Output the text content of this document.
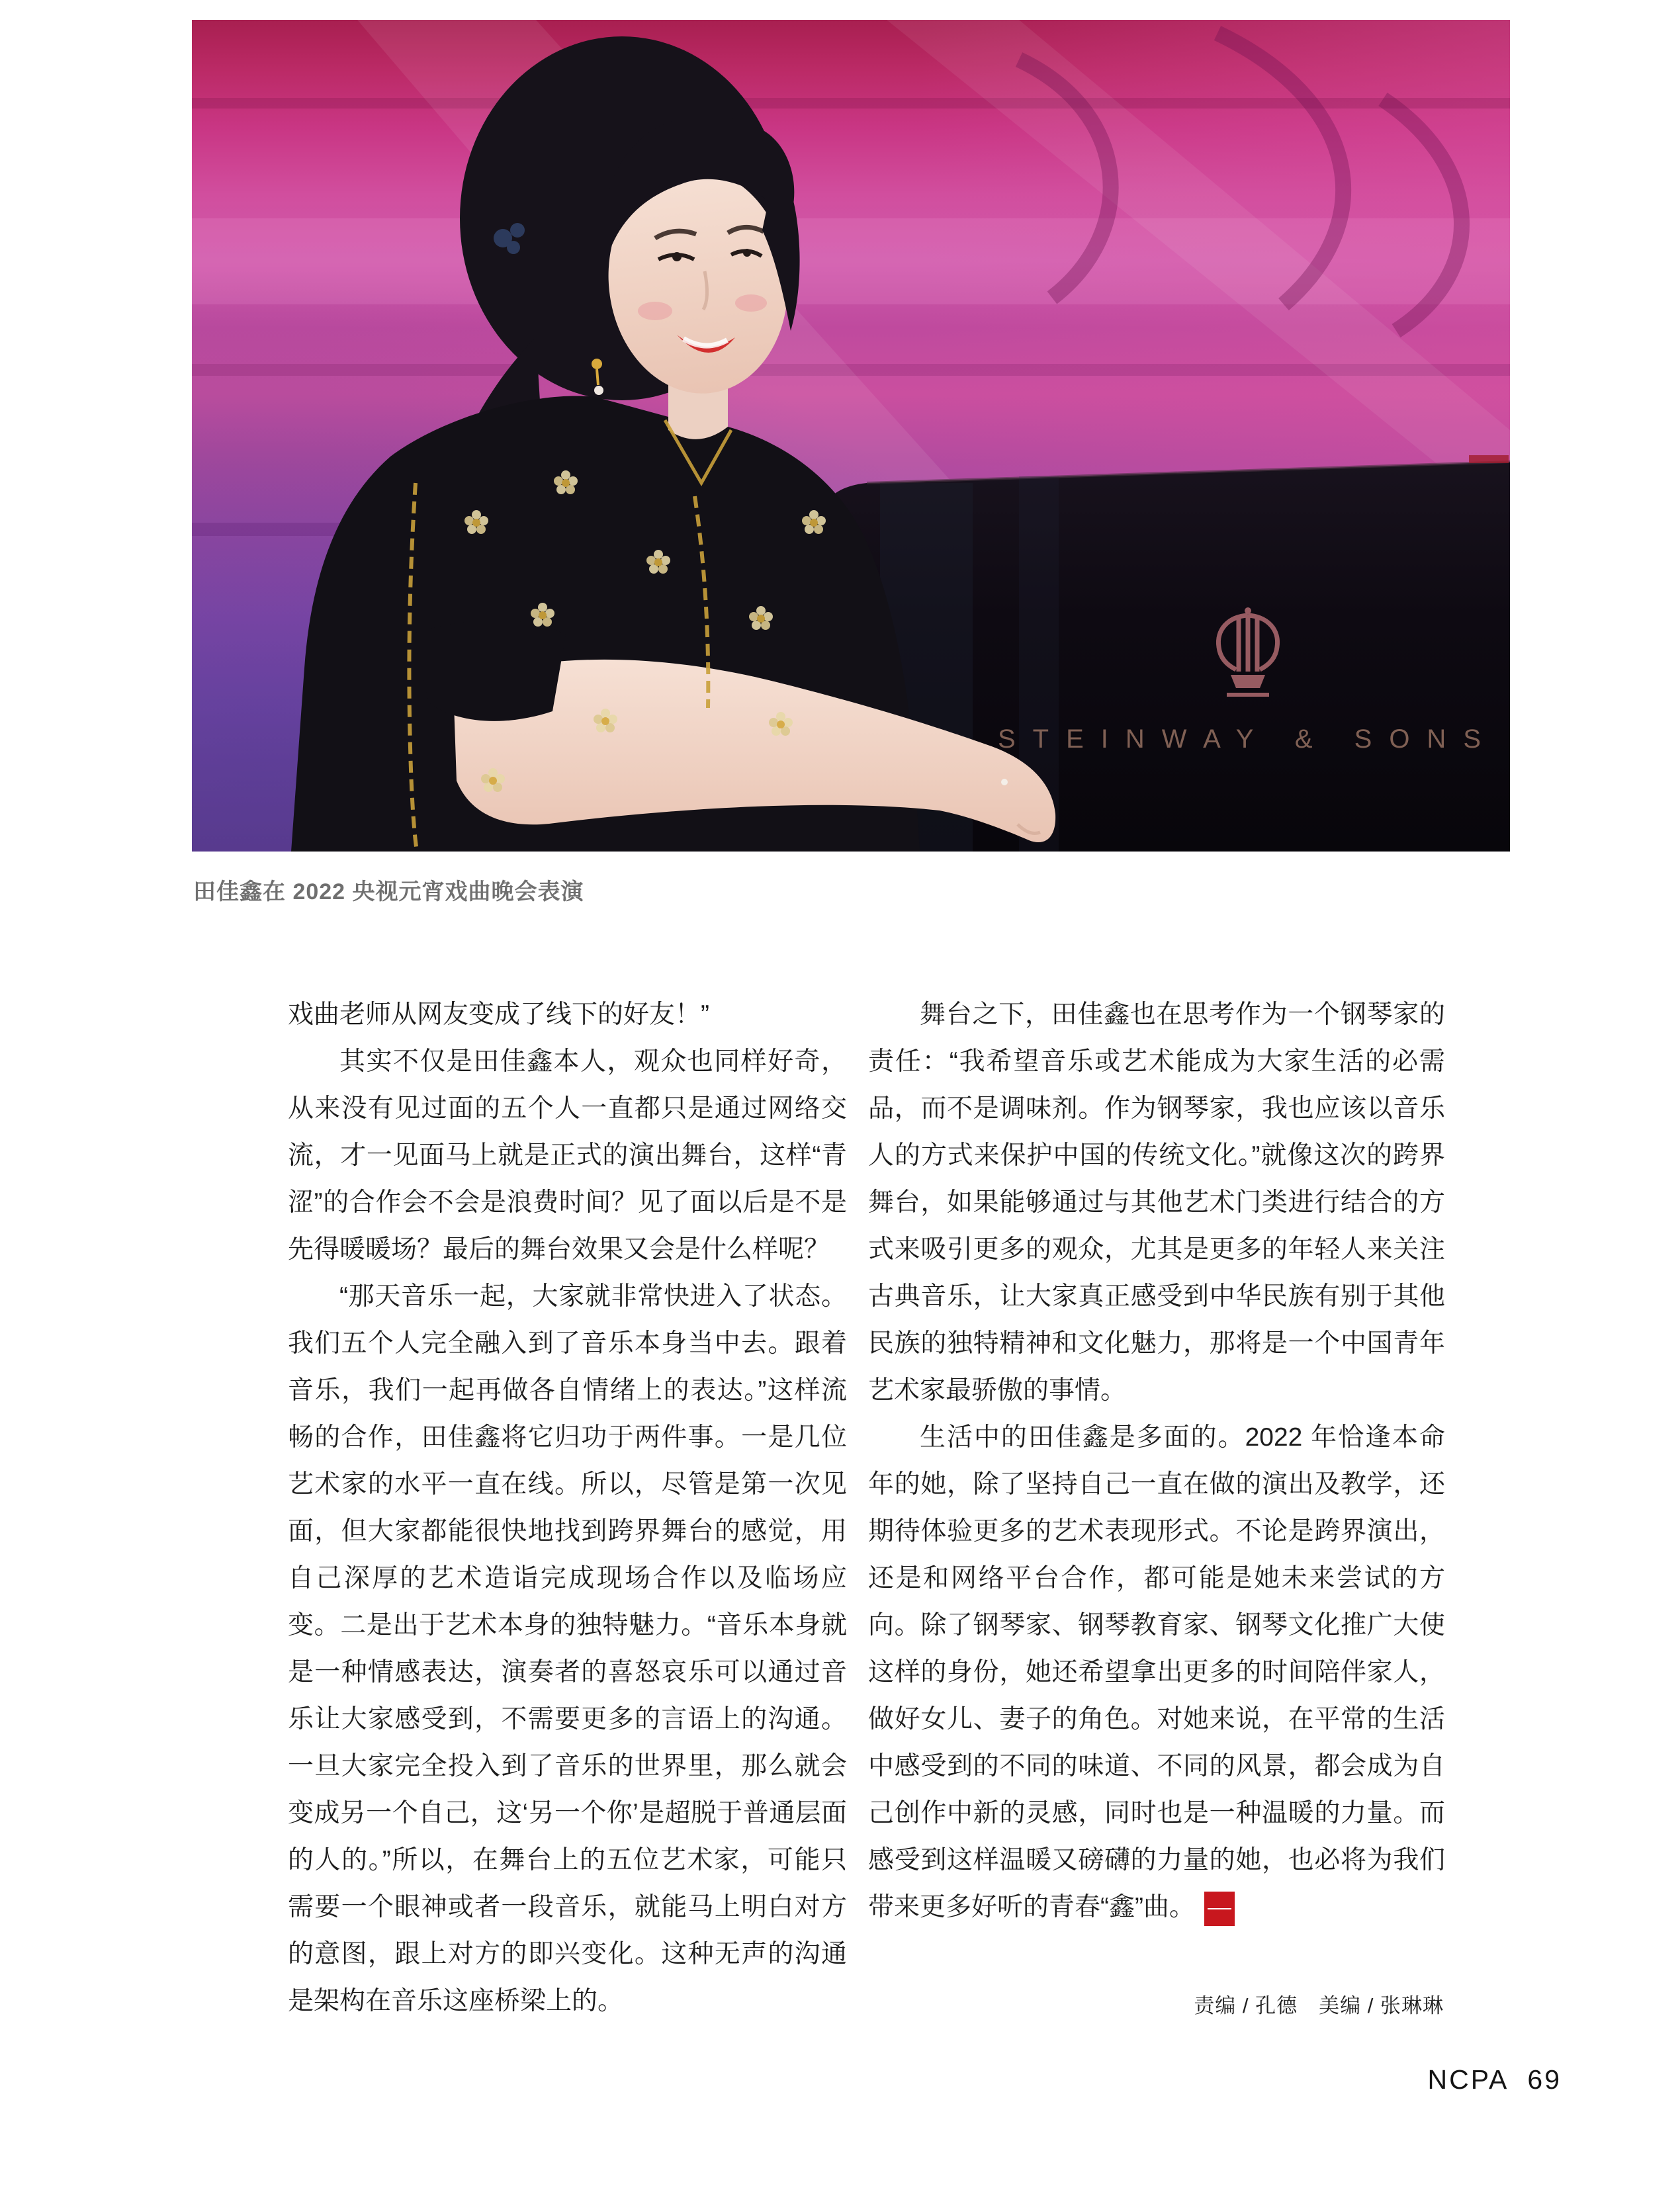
STEINWAY & SONS
田佳鑫在 2022 央视元宵戏曲晚会表演

戏曲老师从网友变成了线下的好友！”

其实不仅是田佳鑫本人，观众也同样好奇，从来没有见过面的五个人一直都只是通过网络交流，才一见面马上就是正式的演出舞台，这样“青涩”的合作会不会是浪费时间？见了面以后是不是先得暖暖场？最后的舞台效果又会是什么样呢？

“那天音乐一起，大家就非常快进入了状态。我们五个人完全融入到了音乐本身当中去。跟着音乐，我们一起再做各自情绪上的表达。”这样流畅的合作，田佳鑫将它归功于两件事。一是几位艺术家的水平一直在线。所以，尽管是第一次见面，但大家都能很快地找到跨界舞台的感觉，用自己深厚的艺术造诣完成现场合作以及临场应变。二是出于艺术本身的独特魅力。“音乐本身就是一种情感表达，演奏者的喜怒哀乐可以通过音乐让大家感受到，不需要更多的言语上的沟通。一旦大家完全投入到了音乐的世界里，那么就会变成另一个自己，这‘另一个你’是超脱于普通层面的人的。”所以，在舞台上的五位艺术家，可能只需要一个眼神或者一段音乐，就能马上明白对方的意图，跟上对方的即兴变化。这种无声的沟通是架构在音乐这座桥梁上的。

舞台之下，田佳鑫也在思考作为一个钢琴家的责任：“我希望音乐或艺术能成为大家生活的必需品，而不是调味剂。作为钢琴家，我也应该以音乐人的方式来保护中国的传统文化。”就像这次的跨界舞台，如果能够通过与其他艺术门类进行结合的方式来吸引更多的观众，尤其是更多的年轻人来关注古典音乐，让大家真正感受到中华民族有别于其他民族的独特精神和文化魅力，那将是一个中国青年艺术家最骄傲的事情。

生活中的田佳鑫是多面的。2022 年恰逢本命年的她，除了坚持自己一直在做的演出及教学，还期待体验更多的艺术表现形式。不论是跨界演出，还是和网络平台合作，都可能是她未来尝试的方向。除了钢琴家、钢琴教育家、钢琴文化推广大使这样的身份，她还希望拿出更多的时间陪伴家人，做好女儿、妻子的角色。对她来说，在平常的生活中感受到的不同的味道、不同的风景，都会成为自己创作中新的灵感，同时也是一种温暖的力量。而感受到这样温暖又磅礴的力量的她，也必将为我们带来更多好听的青春“鑫”曲。 $\frac{NC}{PA}$

责编 / 孔德　美编 / 张琳琳
NCPA 69
